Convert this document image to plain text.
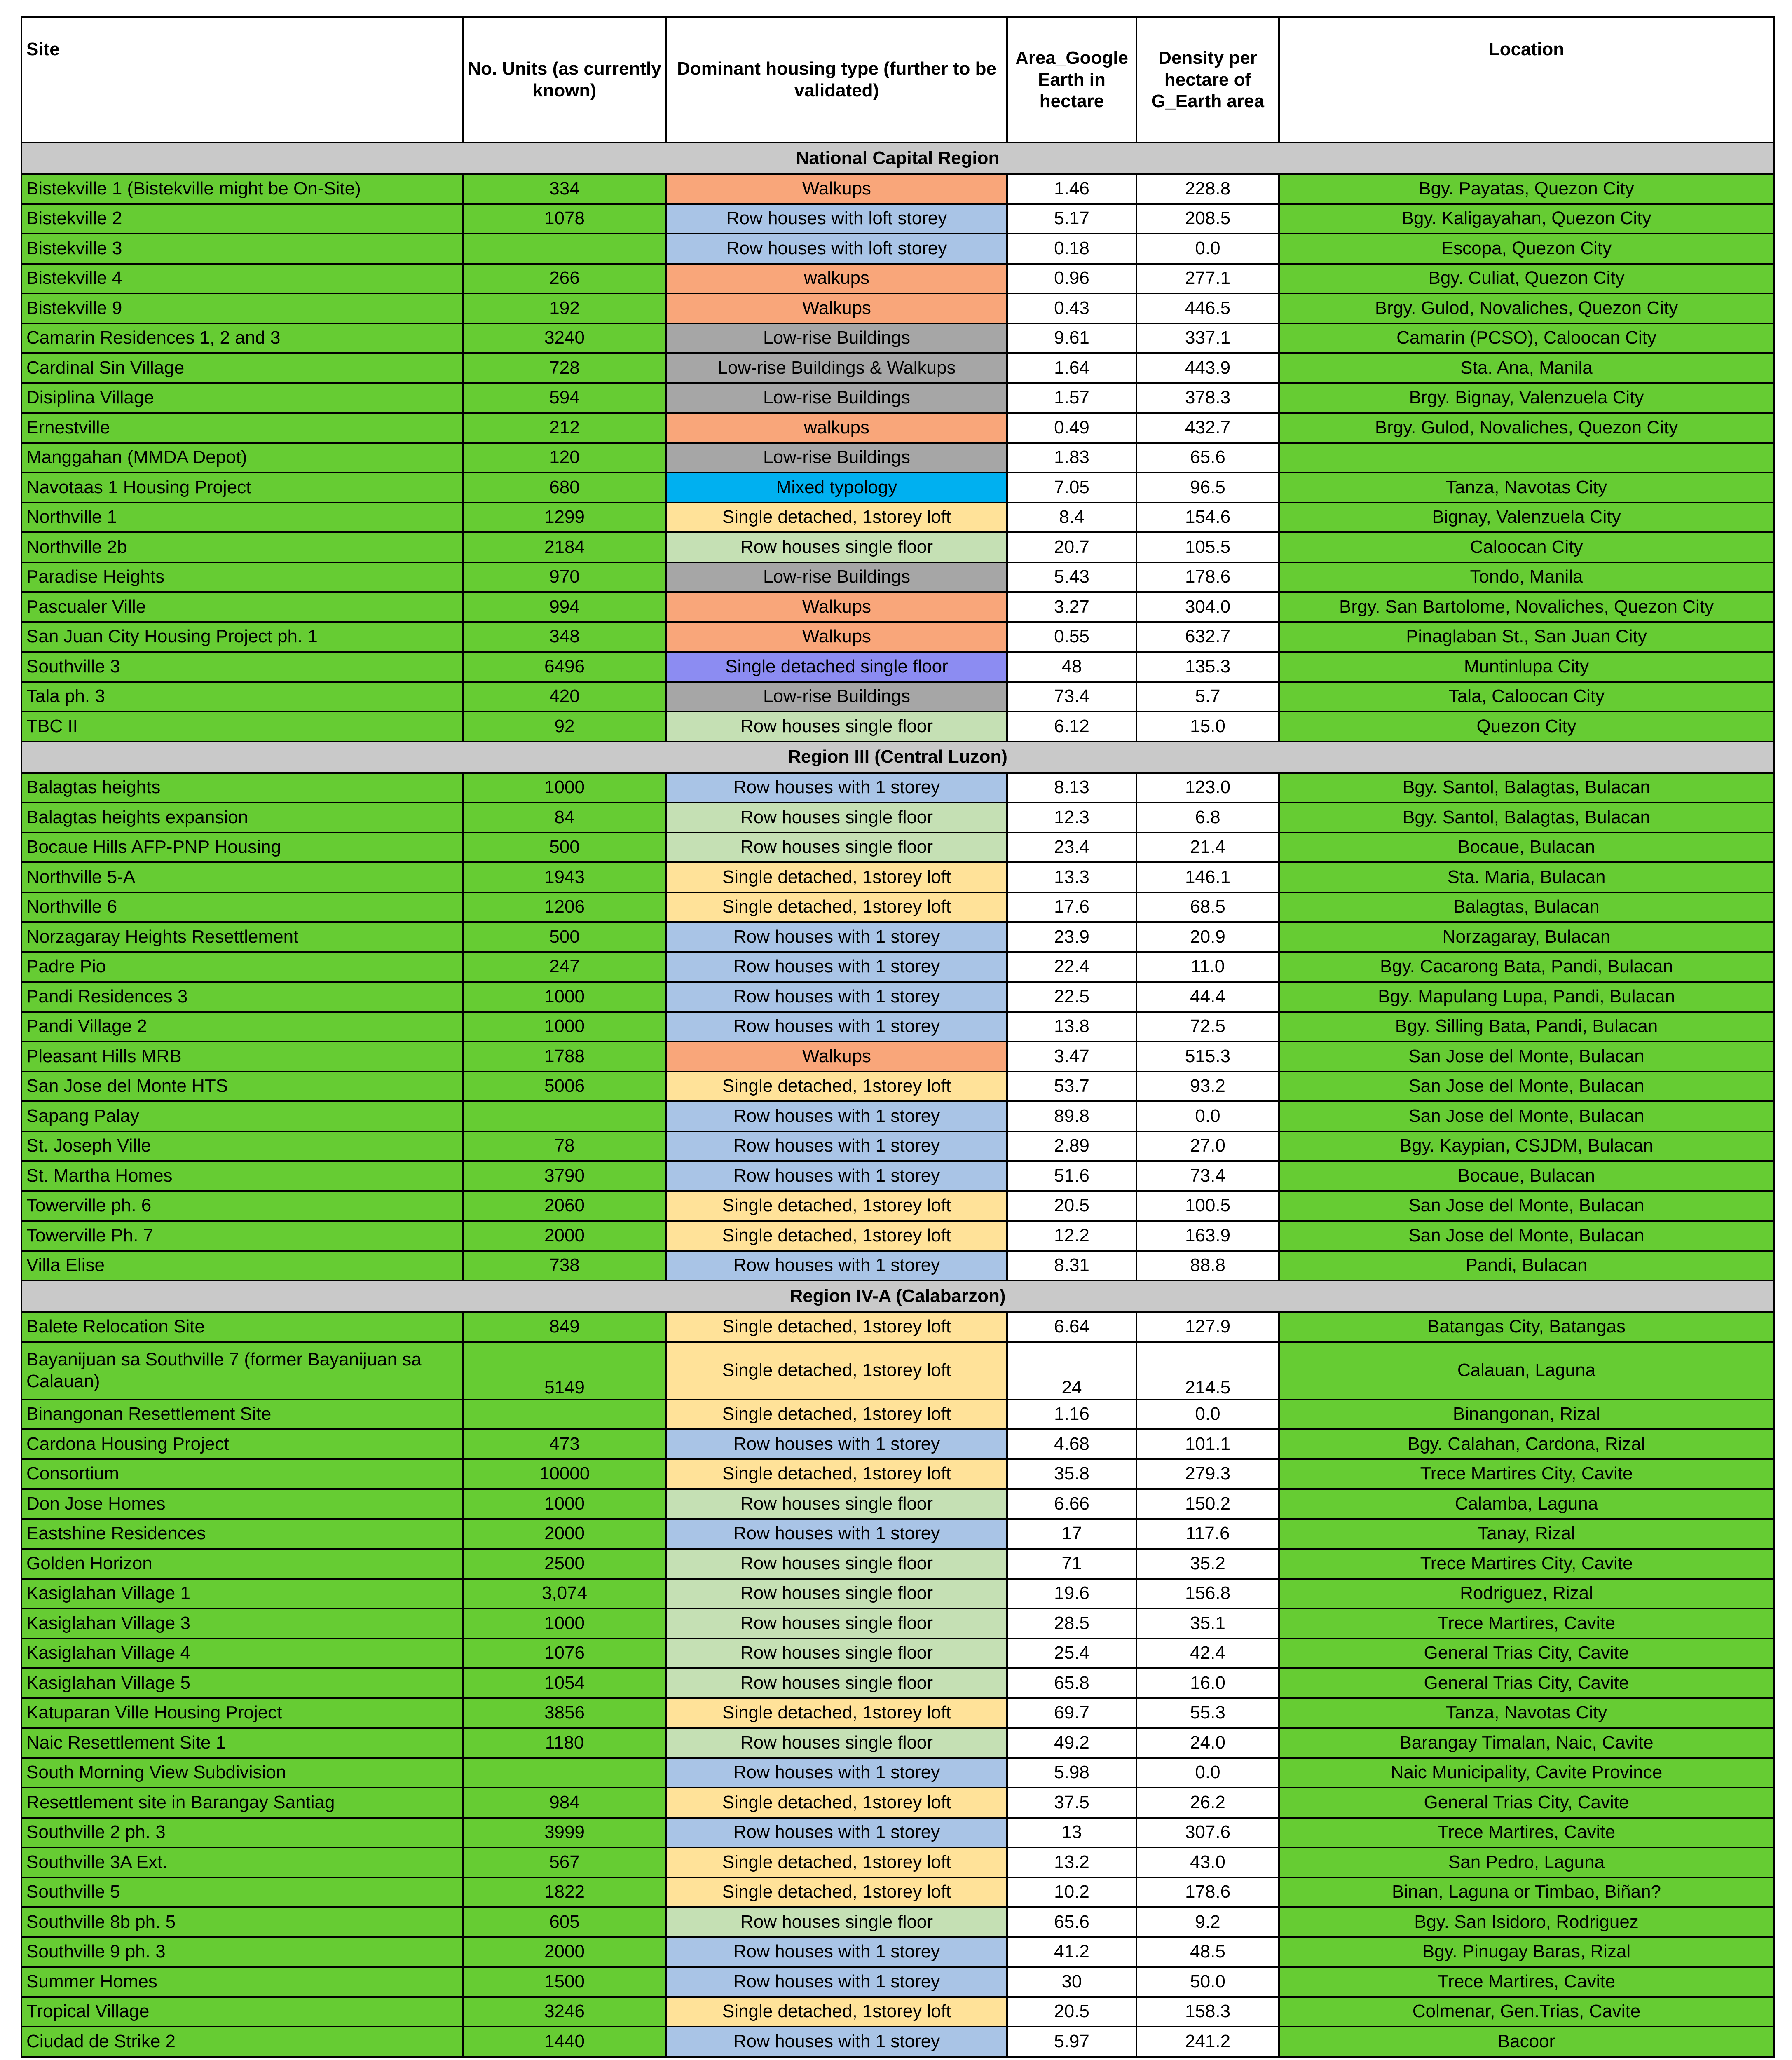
Site	No. Units (as currently known)	Dominant housing type (further to be validated)	Area_Google Earth in hectare	Density per hectare of G_Earth area	Location
National Capital Region					
Bistekville 1 (Bistekville might be On-Site)	334	Walkups	1.46	228.8	Bgy. Payatas, Quezon City
Bistekville 2	1078	Row houses with loft storey	5.17	208.5	Bgy. Kaligayahan, Quezon City
Bistekville 3		Row houses with loft storey	0.18	0.0	Escopa, Quezon City
Bistekville 4	266	walkups	0.96	277.1	Bgy. Culiat, Quezon City
Bistekville 9	192	Walkups	0.43	446.5	Brgy. Gulod, Novaliches, Quezon City
Camarin Residences 1, 2 and 3	3240	Low-rise Buildings	9.61	337.1	Camarin (PCSO), Caloocan City
Cardinal Sin Village	728	Low-rise Buildings & Walkups	1.64	443.9	Sta. Ana, Manila
Disiplina Village	594	Low-rise Buildings	1.57	378.3	Brgy. Bignay, Valenzuela City
Ernestville	212	walkups	0.49	432.7	Brgy. Gulod, Novaliches, Quezon City
Manggahan (MMDA Depot)	120	Low-rise Buildings	1.83	65.6	
Navotaas 1 Housing Project	680	Mixed typology	7.05	96.5	Tanza, Navotas City
Northville 1	1299	Single detached, 1storey loft	8.4	154.6	Bignay, Valenzuela City
Northville 2b	2184	Row houses single floor	20.7	105.5	Caloocan City
Paradise Heights	970	Low-rise Buildings	5.43	178.6	Tondo, Manila
Pascualer Ville	994	Walkups	3.27	304.0	Brgy. San Bartolome, Novaliches, Quezon City
San Juan City Housing Project ph. 1	348	Walkups	0.55	632.7	Pinaglaban St., San Juan City
Southville 3	6496	Single detached single floor	48	135.3	Muntinlupa City
Tala ph. 3	420	Low-rise Buildings	73.4	5.7	Tala, Caloocan City
TBC II	92	Row houses single floor	6.12	15.0	Quezon City
Region III (Central Luzon)					
Balagtas heights	1000	Row houses with 1 storey	8.13	123.0	Bgy. Santol, Balagtas, Bulacan
Balagtas heights expansion	84	Row houses single floor	12.3	6.8	Bgy. Santol, Balagtas, Bulacan
Bocaue Hills AFP-PNP Housing	500	Row houses single floor	23.4	21.4	Bocaue, Bulacan
Northville 5-A	1943	Single detached, 1storey loft	13.3	146.1	Sta. Maria, Bulacan
Northville 6	1206	Single detached, 1storey loft	17.6	68.5	Balagtas, Bulacan
Norzagaray Heights Resettlement	500	Row houses with 1 storey	23.9	20.9	Norzagaray, Bulacan
Padre Pio	247	Row houses with 1 storey	22.4	11.0	Bgy. Cacarong Bata, Pandi, Bulacan
Pandi Residences 3	1000	Row houses with 1 storey	22.5	44.4	Bgy. Mapulang Lupa, Pandi, Bulacan
Pandi Village 2	1000	Row houses with 1 storey	13.8	72.5	Bgy. Silling Bata, Pandi, Bulacan
Pleasant Hills MRB	1788	Walkups	3.47	515.3	San Jose del Monte, Bulacan
San Jose del Monte HTS	5006	Single detached, 1storey loft	53.7	93.2	San Jose del Monte, Bulacan
Sapang Palay		Row houses with 1 storey	89.8	0.0	San Jose del Monte, Bulacan
St. Joseph Ville	78	Row houses with 1 storey	2.89	27.0	Bgy. Kaypian, CSJDM, Bulacan
St. Martha Homes	3790	Row houses with 1 storey	51.6	73.4	Bocaue, Bulacan
Towerville ph. 6	2060	Single detached, 1storey loft	20.5	100.5	San Jose del Monte, Bulacan
Towerville Ph. 7	2000	Single detached, 1storey loft	12.2	163.9	San Jose del Monte, Bulacan
Villa Elise	738	Row houses with 1 storey	8.31	88.8	Pandi, Bulacan
Region IV-A (Calabarzon)					
Balete Relocation Site	849	Single detached, 1storey loft	6.64	127.9	Batangas City, Batangas
Bayanijuan sa Southville 7 (former Bayanijuan sa Calauan)	5149	Single detached, 1storey loft	24	214.5	Calauan, Laguna
Binangonan Resettlement Site		Single detached, 1storey loft	1.16	0.0	Binangonan, Rizal
Cardona Housing Project	473	Row houses with 1 storey	4.68	101.1	Bgy. Calahan, Cardona, Rizal
Consortium	10000	Single detached, 1storey loft	35.8	279.3	Trece Martires City, Cavite
Don Jose Homes	1000	Row houses single floor	6.66	150.2	Calamba, Laguna
Eastshine Residences	2000	Row houses with 1 storey	17	117.6	Tanay, Rizal
Golden Horizon	2500	Row houses single floor	71	35.2	Trece Martires City, Cavite
Kasiglahan Village 1	3,074	Row houses single floor	19.6	156.8	Rodriguez, Rizal
Kasiglahan Village 3	1000	Row houses single floor	28.5	35.1	Trece Martires, Cavite
Kasiglahan Village 4	1076	Row houses single floor	25.4	42.4	General Trias City, Cavite
Kasiglahan Village 5	1054	Row houses single floor	65.8	16.0	General Trias City, Cavite
Katuparan Ville Housing Project	3856	Single detached, 1storey loft	69.7	55.3	Tanza, Navotas City
Naic Resettlement Site 1	1180	Row houses single floor	49.2	24.0	Barangay Timalan, Naic, Cavite
South Morning View Subdivision		Row houses with 1 storey	5.98	0.0	Naic Municipality, Cavite Province
Resettlement site in Barangay Santiag	984	Single detached, 1storey loft	37.5	26.2	General Trias City, Cavite
Southville 2 ph. 3	3999	Row houses with 1 storey	13	307.6	Trece Martires, Cavite
Southville 3A Ext.	567	Single detached, 1storey loft	13.2	43.0	San Pedro, Laguna
Southville 5	1822	Single detached, 1storey loft	10.2	178.6	Binan, Laguna or Timbao, Biñan?
Southville 8b ph. 5	605	Row houses single floor	65.6	9.2	Bgy. San Isidoro, Rodriguez
Southville 9 ph. 3	2000	Row houses with 1 storey	41.2	48.5	Bgy. Pinugay Baras, Rizal
Summer Homes	1500	Row houses with 1 storey	30	50.0	Trece Martires, Cavite
Tropical Village	3246	Single detached, 1storey loft	20.5	158.3	Colmenar, Gen.Trias, Cavite
Ciudad de Strike 2	1440	Row houses with 1 storey	5.97	241.2	Bacoor
